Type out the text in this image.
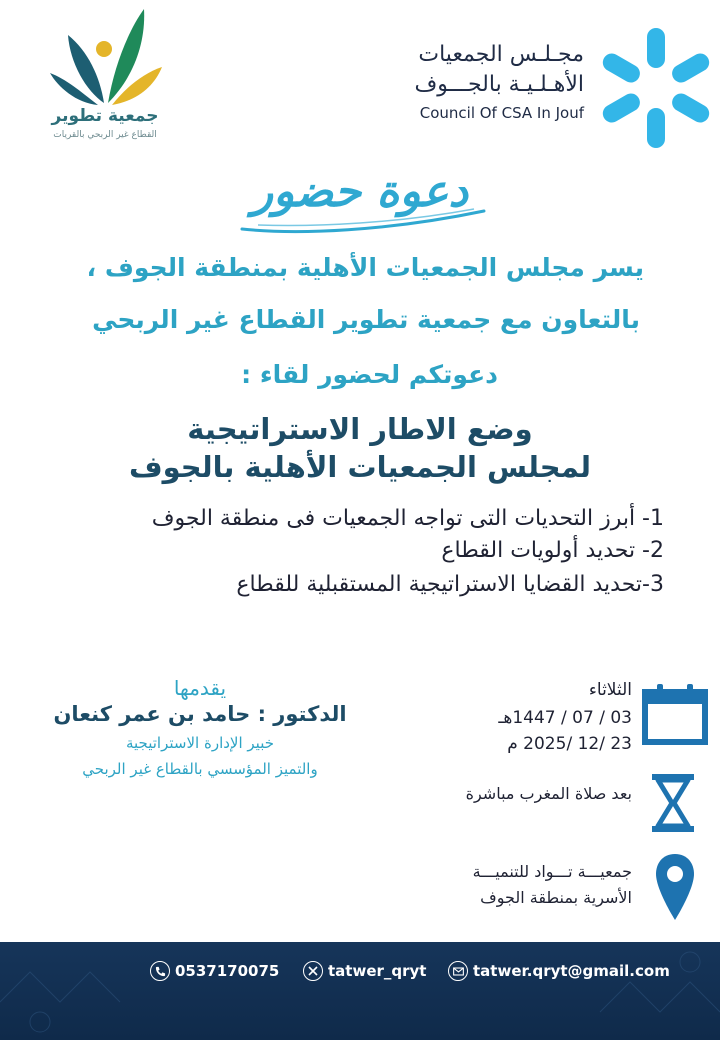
جمعية تطوير
القطاع غير الربحي بالقريات
مجـلـس الجمعيات
الأهـلـيـة بالجـــوف
Council Of CSA In Jouf
دعوة حضور
يسر مجلس الجمعيات الأهلية بمنطقة الجوف ،
بالتعاون مع جمعية تطوير القطاع غير الربحي
دعوتكم لحضور لقاء :
وضع الاطار الاستراتيجية
لمجلس الجمعيات الأهلية بالجوف
1- أبرز التحديات التى تواجه الجمعيات فى منطقة الجوف
2- تحديد أولويات القطاع
3-تحديد القضايا الاستراتيجية المستقبلية للقطاع
يقدمها
الدكتور : حامد بن عمر كنعان
خبير الإدارة الاستراتيجية
والتميز المؤسسي بالقطاع غير الربحي
الثلاثاء
03 / 07 / 1447هـ
23 /12 /2025 م
بعد صلاة المغرب مباشرة
جمعيـــة تـــواد للتنميـــة
الأسرية بمنطقة الجوف
0537170075	tatwer_qryt	tatwer.qryt@gmail.com
